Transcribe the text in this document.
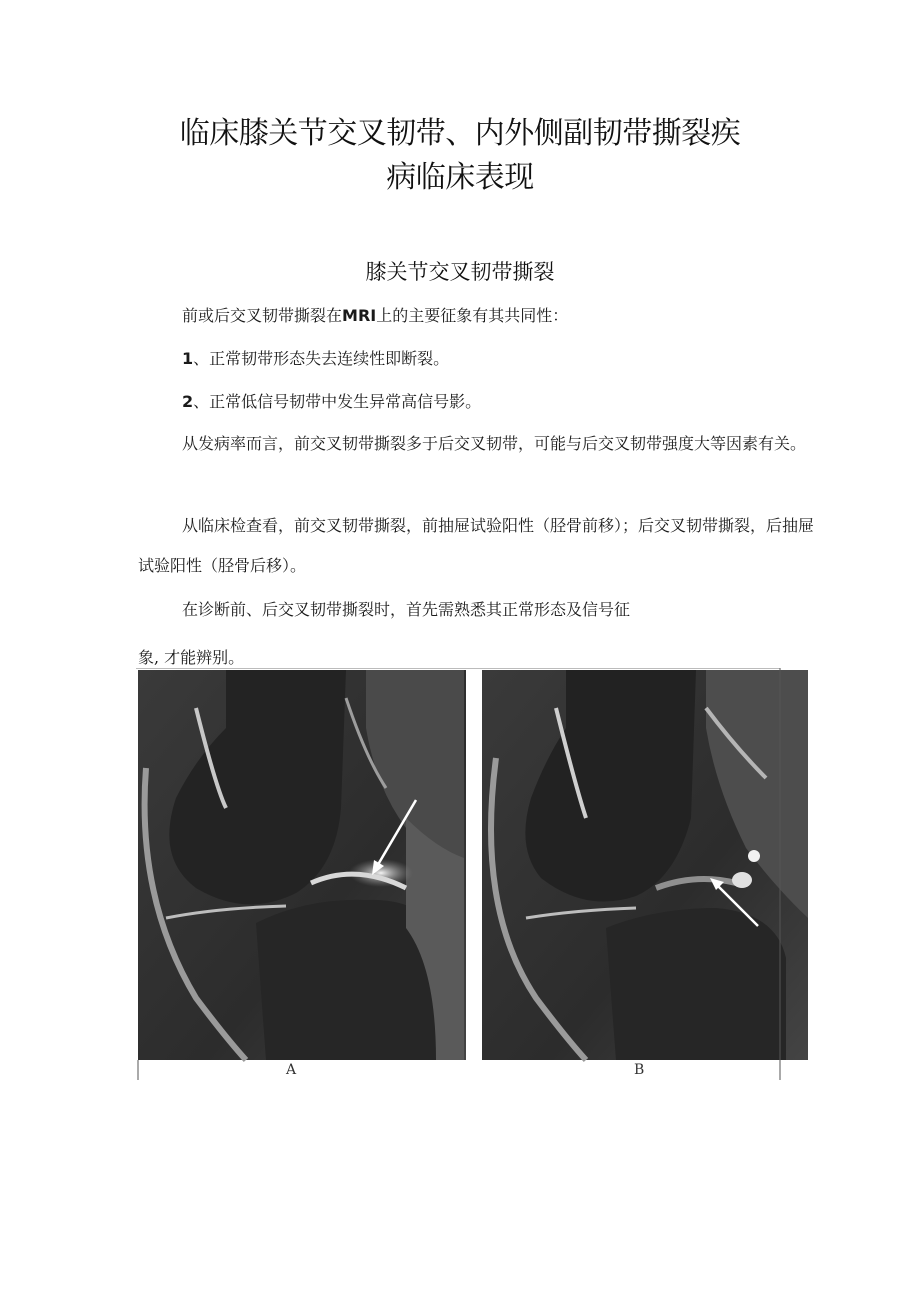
临床膝关节交叉韧带、内外侧副韧带撕裂疾
病临床表现
膝关节交叉韧带撕裂

前或后交叉韧带撕裂在MRI上的主要征象有其共同性：

1、正常韧带形态失去连续性即断裂。

2、正常低信号韧带中发生异常高信号影。

从发病率而言，前交叉韧带撕裂多于后交叉韧带，可能与后交叉韧带强度大等因素有关。

从临床检查看，前交叉韧带撕裂，前抽屉试验阳性（胫骨前移）；后交叉韧带撕裂，后抽屉试验阳性（胫骨后移）。

在诊断前、后交叉韧带撕裂时，首先需熟悉其正常形态及信号征

象, 才能辨别。

A	B
